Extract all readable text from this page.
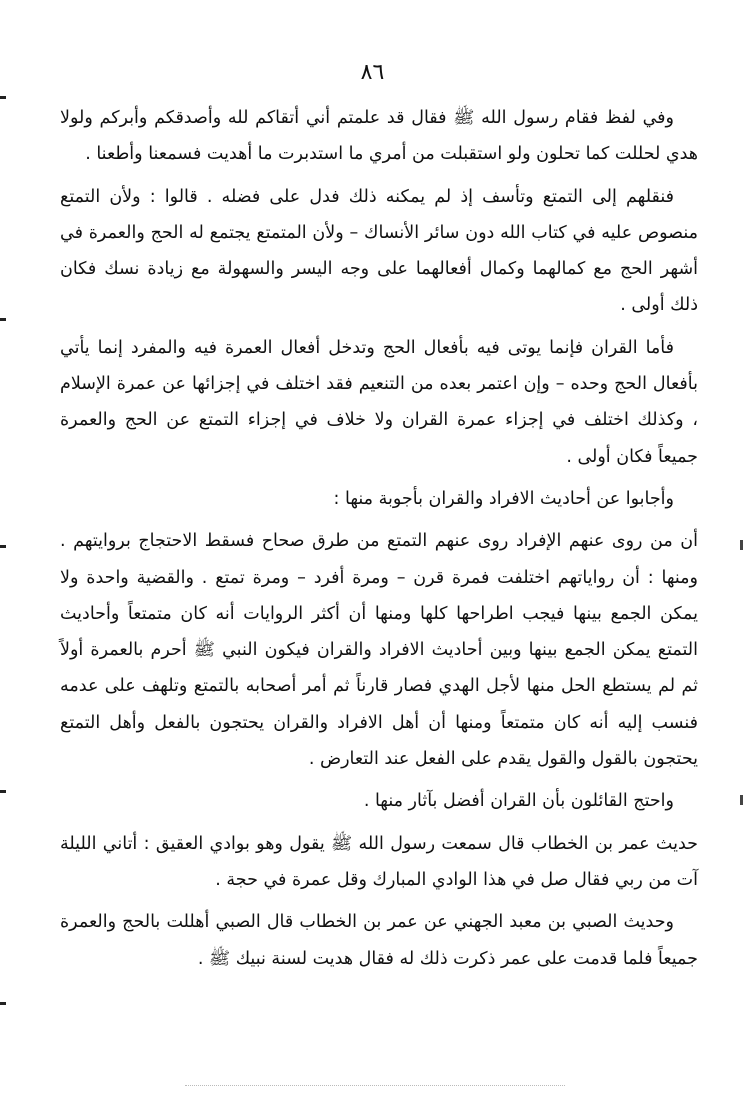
٨٦

وفي لفظ فقام رسول الله ﷺ فقال قد علمتم أني أتقاكم لله وأصدقكم وأبركم ولولا هدي لحللت كما تحلون ولو استقبلت من أمري ما استدبرت ما أهديت فسمعنا وأطعنا .

فنقلهم إلى التمتع وتأسف إذ لم يمكنه ذلك فدل على فضله . قالوا : ولأن التمتع منصوص عليه في كتاب الله دون سائر الأنساك – ولأن المتمتع يجتمع له الحج والعمرة في أشهر الحج مع كمالهما وكمال أفعالهما على وجه اليسر والسهولة مع زيادة نسك فكان ذلك أولى .

فأما القران فإنما يوتى فيه بأفعال الحج وتدخل أفعال العمرة فيه والمفرد إنما يأتي بأفعال الحج وحده – وإن اعتمر بعده من التنعيم فقد اختلف في إجزائها عن عمرة الإسلام ، وكذلك اختلف في إجزاء عمرة القران ولا خلاف في إجزاء التمتع عن الحج والعمرة جميعاً فكان أولى .

وأجابوا عن أحاديث الافراد والقران بأجوبة منها :

أن من روى عنهم الإفراد روى عنهم التمتع من طرق صحاح فسقط الاحتجاج بروايتهم . ومنها : أن رواياتهم اختلفت فمرة قرن – ومرة أفرد – ومرة تمتع . والقضية واحدة ولا يمكن الجمع بينها فيجب اطراحها كلها ومنها أن أكثر الروايات أنه كان متمتعاً وأحاديث التمتع يمكن الجمع بينها وبين أحاديث الافراد والقران فيكون النبي ﷺ أحرم بالعمرة أولاً ثم لم يستطع الحل منها لأجل الهدي فصار قارناً ثم أمر أصحابه بالتمتع وتلهف على عدمه فنسب إليه أنه كان متمتعاً ومنها أن أهل الافراد والقران يحتجون بالفعل وأهل التمتع يحتجون بالقول والقول يقدم على الفعل عند التعارض .

واحتج القائلون بأن القران أفضل بآثار منها .

حديث عمر بن الخطاب قال سمعت رسول الله ﷺ يقول وهو بوادي العقيق : أتاني الليلة آت من ربي فقال صل في هذا الوادي المبارك وقل عمرة في حجة .

وحديث الصبي بن معبد الجهني عن عمر بن الخطاب قال الصبي أهللت بالحج والعمرة جميعاً فلما قدمت على عمر ذكرت ذلك له فقال هديت لسنة نبيك ﷺ .
